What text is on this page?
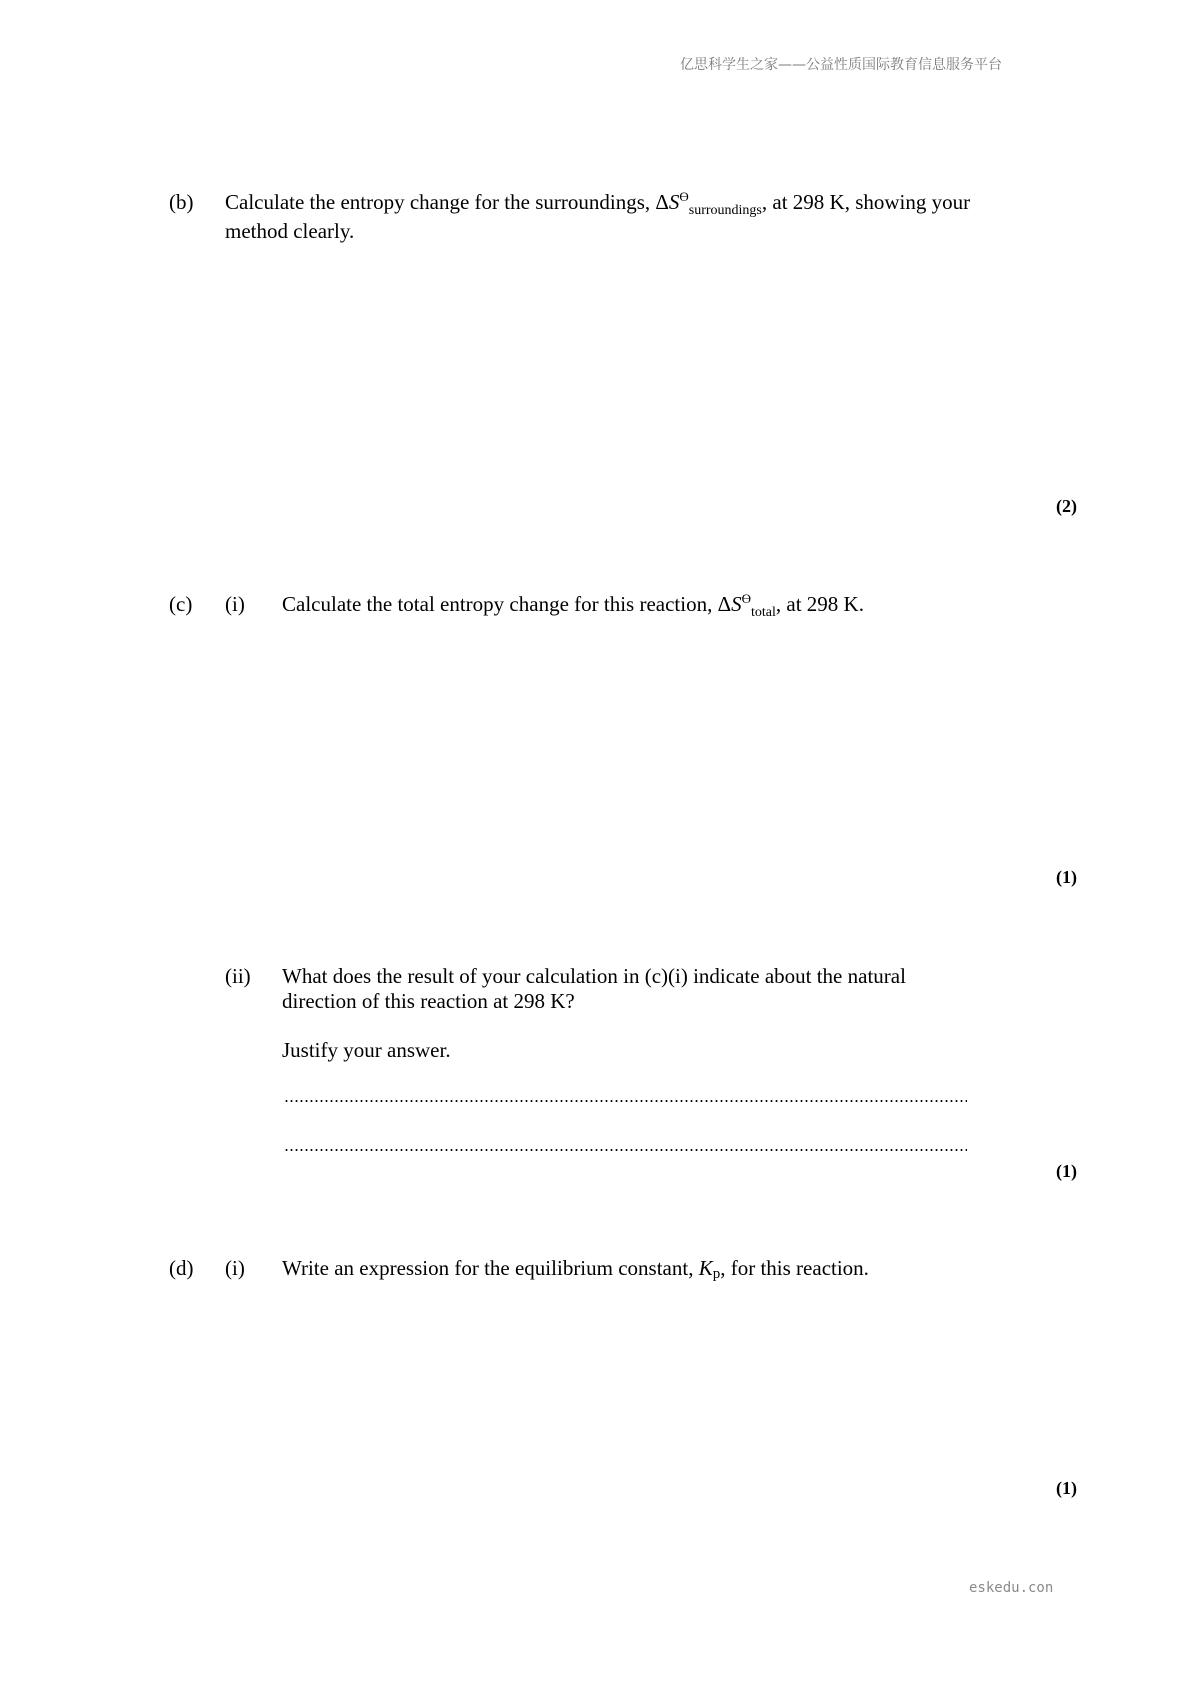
亿思科学生之家——公益性质国际教育信息服务平台
(b) Calculate the entropy change for the surroundings, $\Delta S^ϴ_{surroundings}$, at 298 K, showing your
method clearly.
(2)
(c) (i) Calculate the total entropy change for this reaction, $\Delta S^ϴ_{total}$, at 298 K.
(1)
(ii) What does the result of your calculation in (c)(i) indicate about the natural
direction of this reaction at 298 K?
Justify your answer.
(1)
(d) (i) Write an expression for the equilibrium constant, Kp, for this reaction.
(1)
eskedu.con
